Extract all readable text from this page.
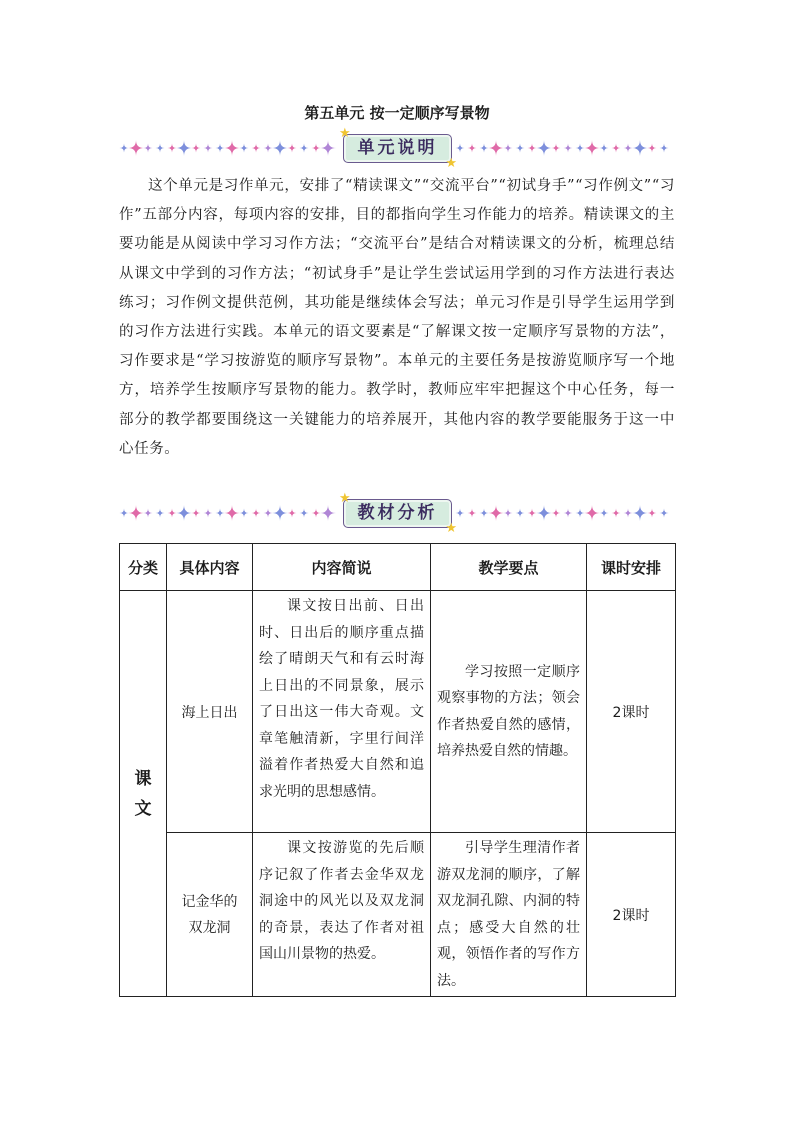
第五单元 按一定顺序写景物
★
★
单元说明
这个单元是习作单元，安排了“精读课文”“交流平台”“初试身手”“习作例文”“习作”五部分内容，每项内容的安排，目的都指向学生习作能力的培养。精读课文的主要功能是从阅读中学习习作方法；“交流平台”是结合对精读课文的分析，梳理总结从课文中学到的习作方法；“初试身手”是让学生尝试运用学到的习作方法进行表达练习；习作例文提供范例，其功能是继续体会写法；单元习作是引导学生运用学到的习作方法进行实践。本单元的语文要素是“了解课文按一定顺序写景物的方法”， 习作要求是“学习按游览的顺序写景物”。本单元的主要任务是按游览顺序写一个地方，培养学生按顺序写景物的能力。教学时，教师应牢牢把握这个中心任务，每一部分的教学都要围绕这一关键能力的培养展开，其他内容的教学要能服务于这一中心任务。
★
★
教材分析
分类	具体内容	内容简说	教学要点	课时安排

课
文	海上日出	课文按日出前、日出时、日出后的顺序重点描绘了晴朗天气和有云时海上日出的不同景象，展示了日出这一伟大奇观。文章笔触清新，字里行间洋溢着作者热爱大自然和追求光明的思想感情。	学习按照一定顺序观察事物的方法；领会作者热爱自然的感情，培养热爱自然的情趣。	2课时
	记金华的双龙洞	课文按游览的先后顺序记叙了作者去金华双龙洞途中的风光以及双龙洞的奇景，表达了作者对祖国山川景物的热爱。	引导学生理清作者游双龙洞的顺序，了解双龙洞孔隙、内洞的特点；感受大自然的壮观，领悟作者的写作方法。	2课时
